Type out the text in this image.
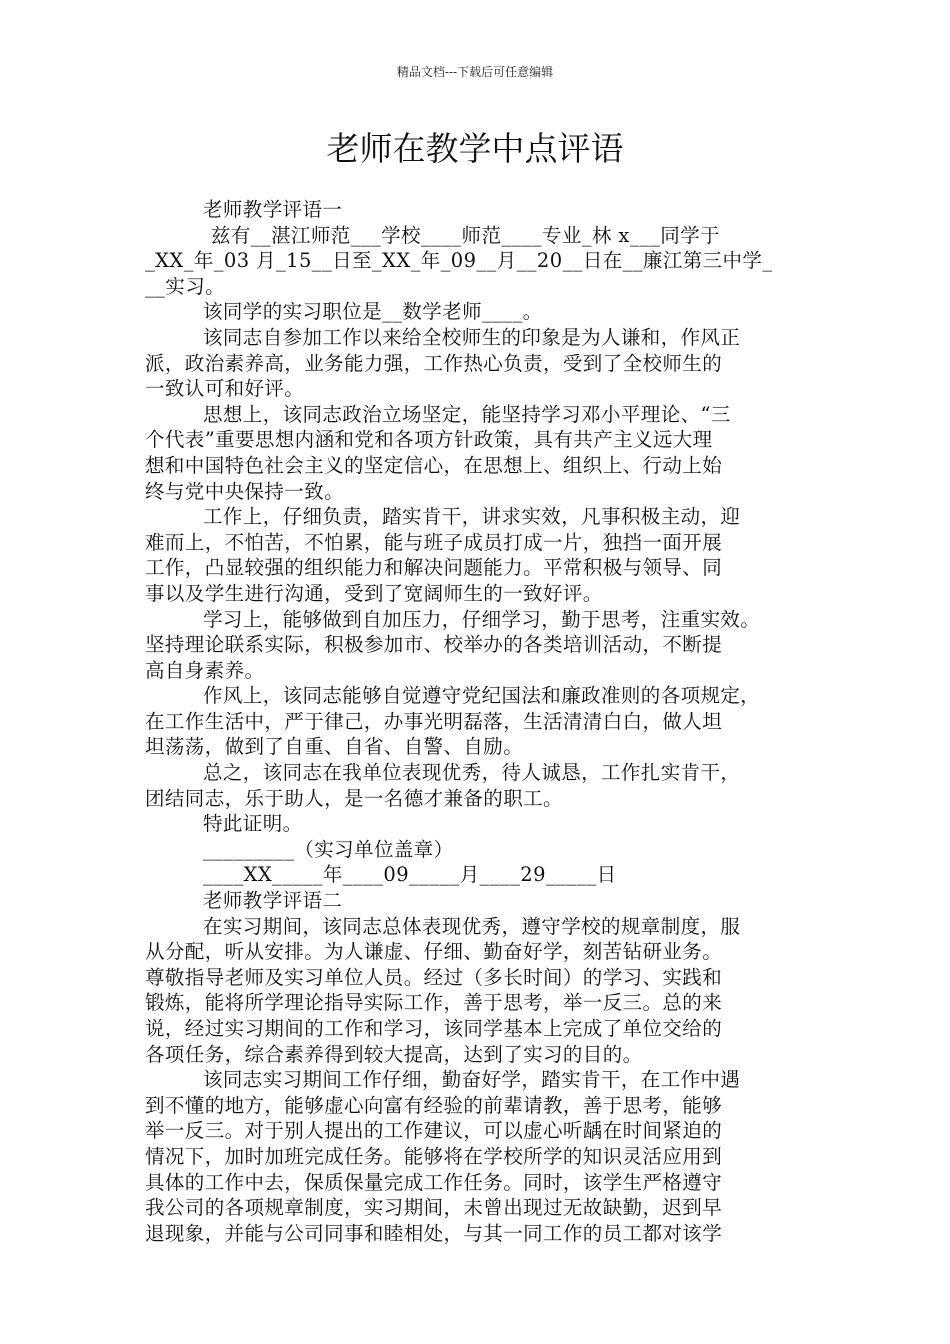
精品文档---下载后可任意编辑
老师在教学中点评语

老师教学评语一

兹有__湛江师范___学校____师范____专业_林 x___同学于

_XX_年_03 月_15__日至_XX_年_09__月__20__日在__廉江第三中学_

__实习。

该同学的实习职位是__数学老师____。

该同志自参加工作以来给全校师生的印象是为人谦和，作风正

派，政治素养高，业务能力强，工作热心负责，受到了全校师生的

一致认可和好评。

思想上，该同志政治立场坚定，能坚持学习邓小平理论、“三

个代表”重要思想内涵和党和各项方针政策，具有共产主义远大理

想和中国特色社会主义的坚定信心，在思想上、组织上、行动上始

终与党中央保持一致。

工作上，仔细负责，踏实肯干，讲求实效，凡事积极主动，迎

难而上，不怕苦，不怕累，能与班子成员打成一片，独挡一面开展

工作，凸显较强的组织能力和解决问题能力。平常积极与领导、同

事以及学生进行沟通，受到了宽阔师生的一致好评。

学习上，能够做到自加压力，仔细学习，勤于思考，注重实效。

坚持理论联系实际，积极参加市、校举办的各类培训活动，不断提

高自身素养。

作风上，该同志能够自觉遵守党纪国法和廉政准则的各项规定，

在工作生活中，严于律己，办事光明磊落，生活清清白白，做人坦

坦荡荡，做到了自重、自省、自警、自励。

总之，该同志在我单位表现优秀，待人诚恳，工作扎实肯干，

团结同志，乐于助人，是一名德才兼备的职工。

特此证明。

_________（实习单位盖章）

____XX_____年____09_____月____29_____日

老师教学评语二

在实习期间，该同志总体表现优秀，遵守学校的规章制度，服

从分配，听从安排。为人谦虚、仔细、勤奋好学，刻苦钻研业务。

尊敬指导老师及实习单位人员。经过（多长时间）的学习、实践和

锻炼，能将所学理论指导实际工作，善于思考，举一反三。总的来

说，经过实习期间的工作和学习，该同学基本上完成了单位交给的

各项任务，综合素养得到较大提高，达到了实习的目的。

该同志实习期间工作仔细，勤奋好学，踏实肯干，在工作中遇

到不懂的地方，能够虚心向富有经验的前辈请教，善于思考，能够

举一反三。对于别人提出的工作建议，可以虚心听龋在时间紧迫的

情况下，加时加班完成任务。能够将在学校所学的知识灵活应用到

具体的工作中去，保质保量完成工作任务。同时，该学生严格遵守

我公司的各项规章制度，实习期间，未曾出现过无故缺勤，迟到早

退现象，并能与公司同事和睦相处，与其一同工作的员工都对该学
